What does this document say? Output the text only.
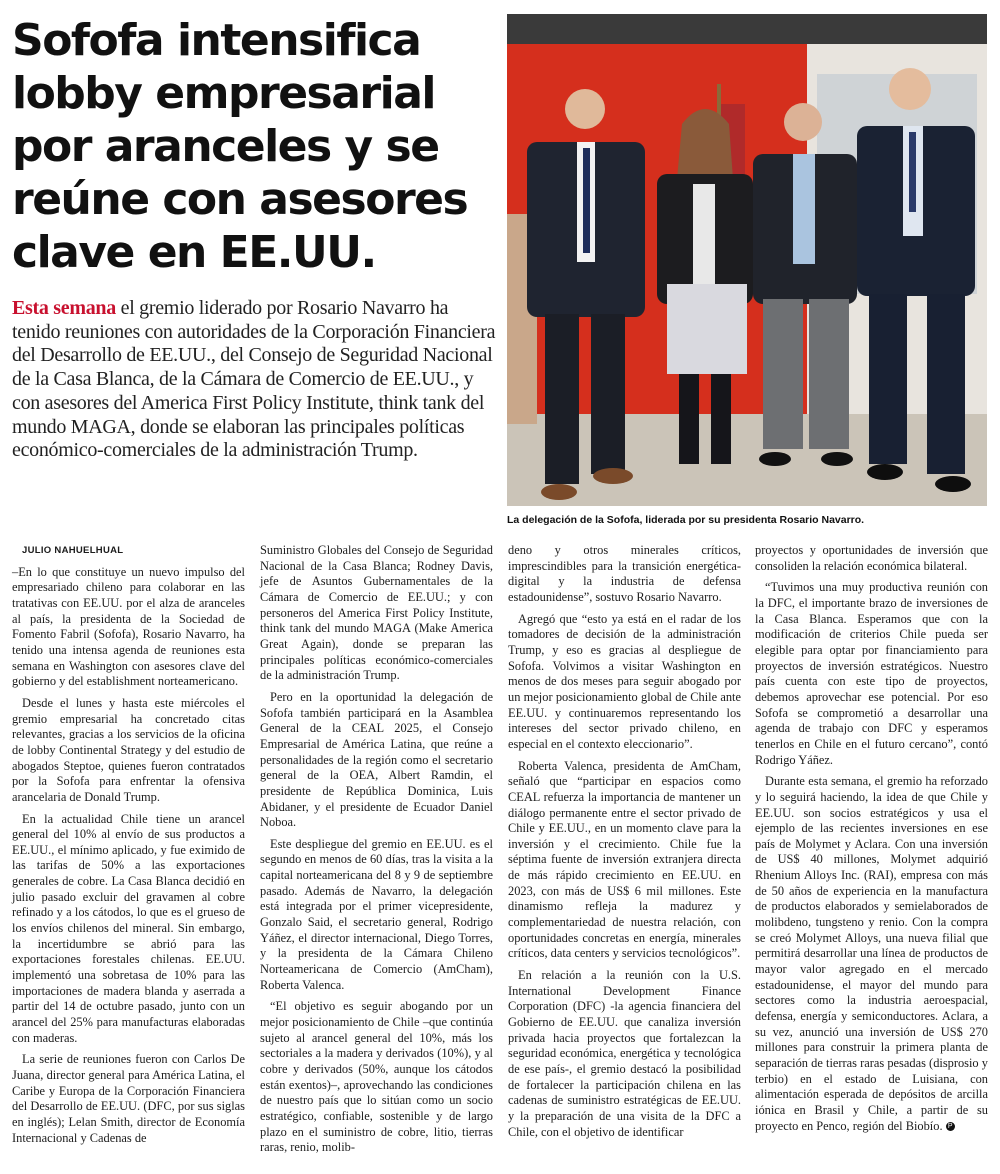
Sofofa intensifica lobby empresarial por aranceles y se reúne con asesores clave en EE.UU.

Esta semana el gremio liderado por Rosario Navarro ha tenido reuniones con autoridades de la Corporación Financiera del Desarrollo de EE.UU., del Consejo de Seguridad Nacional de la Casa Blanca, de la Cámara de Comercio de EE.UU., y con asesores del America First Policy Institute, think tank del mundo MAGA, donde se elaboran las principales políticas económico-comerciales de la administración Trump.

La delegación de la Sofofa, liderada por su presidenta Rosario Navarro.

JULIO NAHUELHUAL

–En lo que constituye un nuevo impulso del empresariado chileno para colaborar en las tratativas con EE.UU. por el alza de aranceles al país, la presidenta de la Sociedad de Fomento Fabril (Sofofa), Rosario Navarro, ha tenido una intensa agenda de reuniones esta semana en Washington con asesores clave del gobierno y del establishment norteamericano.

Desde el lunes y hasta este miércoles el gremio empresarial ha concretado citas relevantes, gracias a los servicios de la oficina de lobby Continental Strategy y del estudio de abogados Steptoe, quienes fueron contratados por la Sofofa para enfrentar la ofensiva arancelaria de Donald Trump.

En la actualidad Chile tiene un arancel general del 10% al envío de sus productos a EE.UU., el mínimo aplicado, y fue eximido de las tarifas de 50% a las exportaciones generales de cobre. La Casa Blanca decidió en julio pasado excluir del gravamen al cobre refinado y a los cátodos, lo que es el grueso de los envíos chilenos del mineral. Sin embargo, la incertidumbre se abrió para las exportaciones forestales chilenas. EE.UU. implementó una sobretasa de 10% para las importaciones de madera blanda y aserrada a partir del 14 de octubre pasado, junto con un arancel del 25% para manufacturas elaboradas con maderas.

La serie de reuniones fueron con Carlos De Juana, director general para América Latina, el Caribe y Europa de la Corporación Financiera del Desarrollo de EE.UU. (DFC, por sus siglas en inglés); Lelan Smith, director de Economía Internacional y Cadenas de

Suministro Globales del Consejo de Seguridad Nacional de la Casa Blanca; Rodney Davis, jefe de Asuntos Gubernamentales de la Cámara de Comercio de EE.UU.; y con personeros del America First Policy Institute, think tank del mundo MAGA (Make America Great Again), donde se preparan las principales políticas económico-comerciales de la administración Trump.

Pero en la oportunidad la delegación de Sofofa también participará en la Asamblea General de la CEAL 2025, el Consejo Empresarial de América Latina, que reúne a personalidades de la región como el secretario general de la OEA, Albert Ramdin, el presidente de República Dominica, Luis Abidaner, y el presidente de Ecuador Daniel Noboa.

Este despliegue del gremio en EE.UU. es el segundo en menos de 60 días, tras la visita a la capital norteamericana del 8 y 9 de septiembre pasado. Además de Navarro, la delegación está integrada por el primer vicepresidente, Gonzalo Said, el secretario general, Rodrigo Yáñez, el director internacional, Diego Torres, y la presidenta de la Cámara Chileno Norteamericana de Comercio (AmCham), Roberta Valenca.

“El objetivo es seguir abogando por un mejor posicionamiento de Chile –que continúa sujeto al arancel general del 10%, más los sectoriales a la madera y derivados (10%), y al cobre y derivados (50%, aunque los cátodos están exentos)–, aprovechando las condiciones de nuestro país que lo sitúan como un socio estratégico, confiable, sostenible y de largo plazo en el suministro de cobre, litio, tierras raras, renio, molib-

deno y otros minerales críticos, imprescindibles para la transición energética-digital y la industria de defensa estadounidense”, sostuvo Rosario Navarro.

Agregó que “esto ya está en el radar de los tomadores de decisión de la administración Trump, y eso es gracias al despliegue de Sofofa. Volvimos a visitar Washington en menos de dos meses para seguir abogado por un mejor posicionamiento global de Chile ante EE.UU. y continuaremos representando los intereses del sector privado chileno, en especial en el contexto eleccionario”.

Roberta Valenca, presidenta de AmCham, señaló que “participar en espacios como CEAL refuerza la importancia de mantener un diálogo permanente entre el sector privado de Chile y EE.UU., en un momento clave para la inversión y el crecimiento. Chile fue la séptima fuente de inversión extranjera directa de más rápido crecimiento en EE.UU. en 2023, con más de US$ 6 mil millones. Este dinamismo refleja la madurez y complementariedad de nuestra relación, con oportunidades concretas en energía, minerales críticos, data centers y servicios tecnológicos”.

En relación a la reunión con la U.S. International Development Finance Corporation (DFC) -la agencia financiera del Gobierno de EE.UU. que canaliza inversión privada hacia proyectos que fortalezcan la seguridad económica, energética y tecnológica de ese país-, el gremio destacó la posibilidad de fortalecer la participación chilena en las cadenas de suministro estratégicas de EE.UU. y la preparación de una visita de la DFC a Chile, con el objetivo de identificar

proyectos y oportunidades de inversión que consoliden la relación económica bilateral.

“Tuvimos una muy productiva reunión con la DFC, el importante brazo de inversiones de la Casa Blanca. Esperamos que con la modificación de criterios Chile pueda ser elegible para optar por financiamiento para proyectos de inversión estratégicos. Nuestro país cuenta con este tipo de proyectos, debemos aprovechar ese potencial. Por eso Sofofa se comprometió a desarrollar una agenda de trabajo con DFC y esperamos tenerlos en Chile en el futuro cercano”, contó Rodrigo Yáñez.

Durante esta semana, el gremio ha reforzado y lo seguirá haciendo, la idea de que Chile y EE.UU. son socios estratégicos y usa el ejemplo de las recientes inversiones en ese país de Molymet y Aclara. Con una inversión de US$ 40 millones, Molymet adquirió Rhenium Alloys Inc. (RAI), empresa con más de 50 años de experiencia en la manufactura de productos elaborados y semielaborados de molibdeno, tungsteno y renio. Con la compra se creó Molymet Alloys, una nueva filial que permitirá desarrollar una línea de productos de mayor valor agregado en el mercado estadounidense, el mayor del mundo para sectores como la industria aeroespacial, defensa, energía y semiconductores. Aclara, a su vez, anunció una inversión de US$ 270 millones para construir la primera planta de separación de tierras raras pesadas (disprosio y terbio) en el estado de Luisiana, con alimentación esperada de depósitos de arcilla iónica en Brasil y Chile, a partir de su proyecto en Penco, región del Biobío. P
